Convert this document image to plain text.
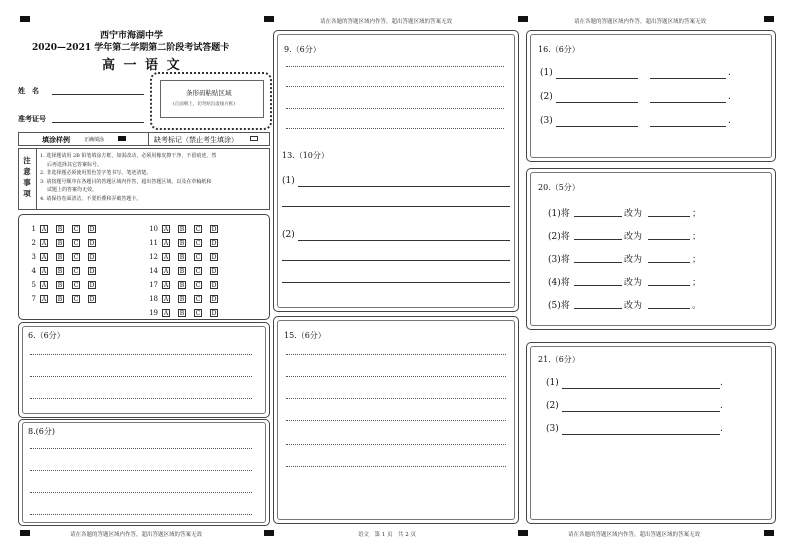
请在各题的答题区域内作答，超出答题区域的答案无效	请在各题的答题区域内作答，超出答题区域的答案无效
请在各题的答题区域内作答，超出答题区域的答案无效	请在各题的答题区域内作答，超出答题区域的答案无效
语文　第 1 页　共 2 页
西宁市海湖中学
2020—2021 学年第二学期第二阶段考试答题卡
高 一 语 文
姓　名
准考证号
条形码粘贴区域
(正面朝上，切勿贴出虚线方框)
填涂样例	正确填涂	缺考标记（禁止考生填涂）
注
意
事
项
1. 选择题请用 2B 铅笔填涂方框，如需改动，必须用橡皮擦干净，不留痕迹，然
后再选择其它答案标号。
2. 非选择题必须使用黑色签字笔书写，笔迹清楚。
3. 请按题号顺序在各题目的答题区域内作答，超出答题区域，以及在草稿纸和
试题上的答案均无效。
4. 请保持卷面清洁，不要折叠和弄破答题卡。
6.（6分）
8.(6分)
9.（6分）
13.（10分）
(1)
(2)
15.（6分）
16.（6分）
20.（5分）
21.（6分）
1 A	B C D
2 A	B C D
3 A	B C D
4 A	B C D
5 A	B C D
7 A	B C D
10 A	B C D
11 A	B C D
12 A	B C D
14 A	B C D
17 A	B C D
18 A	B C D
19 A	B C D
(1)	.
(2)	.
(3)	.
(1)将	改为	；
(2)将	改为	；
(3)将	改为	；
(4)将	改为	；
(5)将	改为	。
(1)	.
(2)	.
(3)	.
